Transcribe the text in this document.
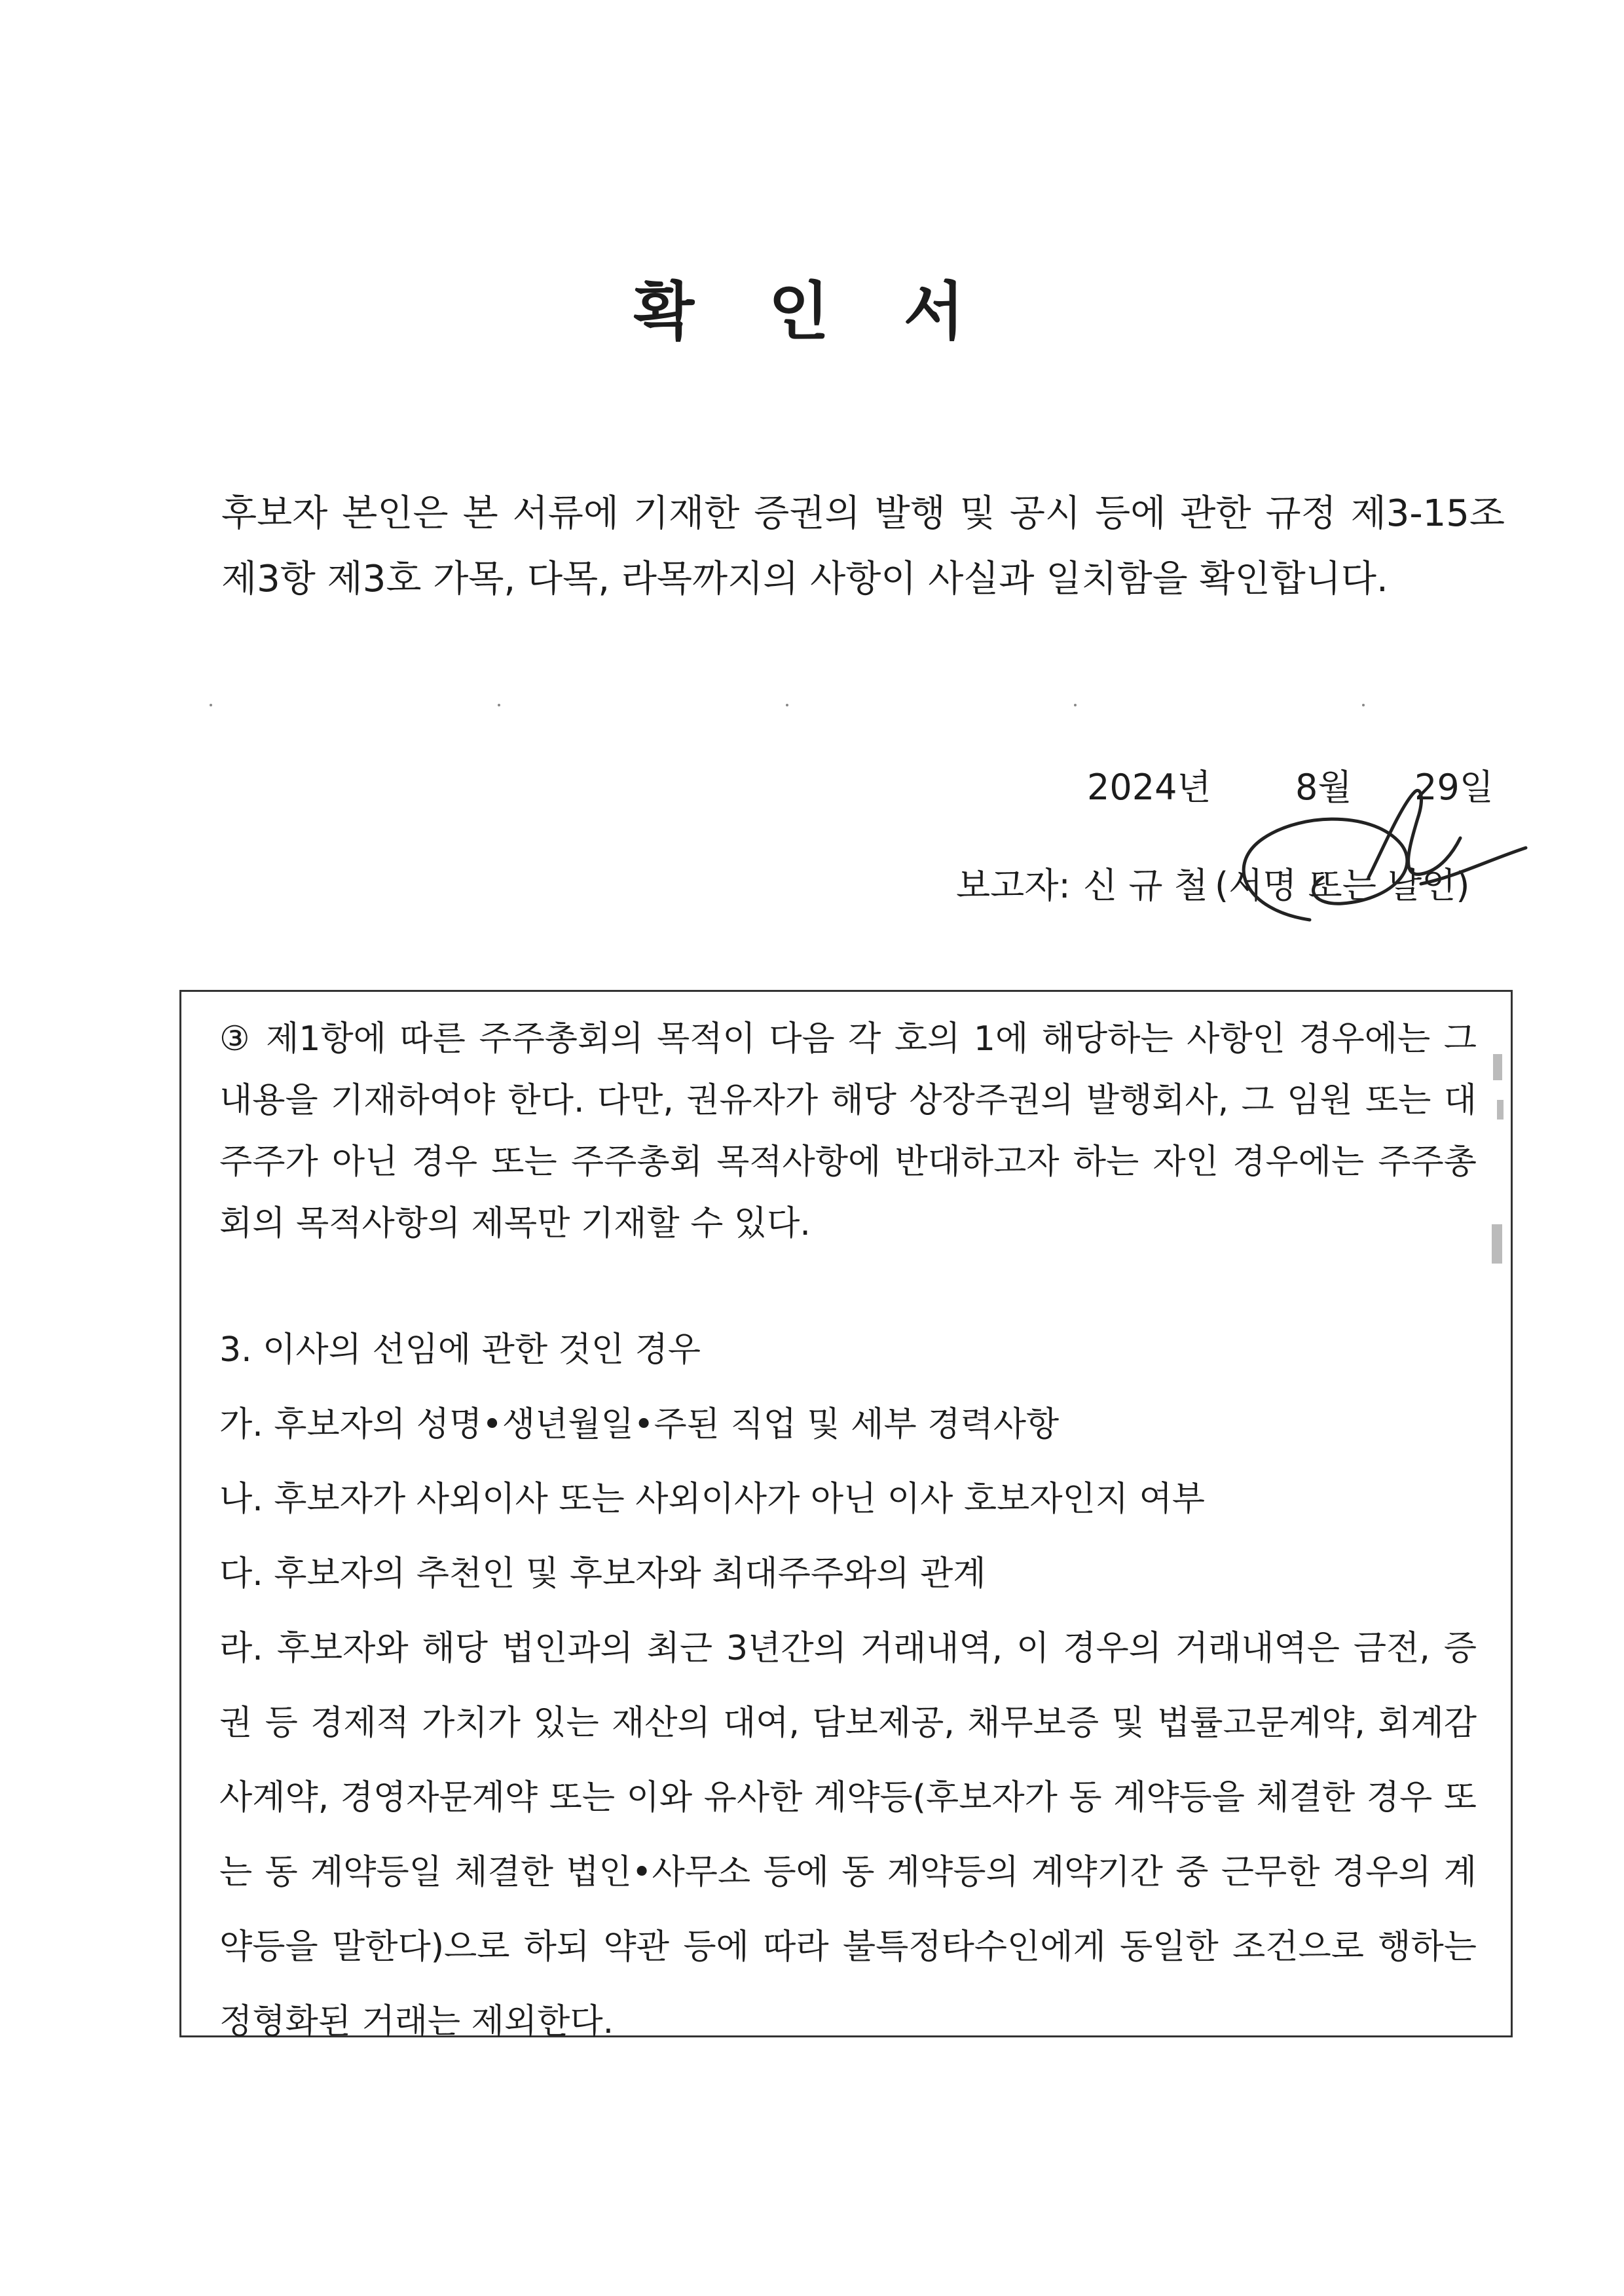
확 인 서

후보자 본인은 본 서류에 기재한 증권의 발행 및 공시 등에 관한 규정 제3-15조 제3항 제3호 가목, 다목, 라목까지의 사항이 사실과 일치함을 확인합니다.

2024년 8월 29일
보고자: 신 규 철 (서명 또는 날인)

③ 제1항에 따른 주주총회의 목적이 다음 각 호의 1에 해당하는 사항인 경우에는 그 내용을 기재하여야 한다. 다만, 권유자가 해당 상장주권의 발행회사, 그 임원 또는 대주주가 아닌 경우 또는 주주총회 목적사항에 반대하고자 하는 자인 경우에는 주주총회의 목적사항의 제목만 기재할 수 있다.

3. 이사의 선임에 관한 것인 경우

가. 후보자의 성명•생년월일•주된 직업 및 세부 경력사항

나. 후보자가 사외이사 또는 사외이사가 아닌 이사 호보자인지 여부

다. 후보자의 추천인 및 후보자와 최대주주와의 관계

라. 후보자와 해당 법인과의 최근 3년간의 거래내역, 이 경우의 거래내역은 금전, 증권 등 경제적 가치가 있는 재산의 대여, 담보제공, 채무보증 및 법률고문계약, 회계감사계약, 경영자문계약 또는 이와 유사한 계약등(후보자가 동 계약등을 체결한 경우 또는 동 계약등일 체결한 법인•사무소 등에 동 계약등의 계약기간 중 근무한 경우의 계약등을 말한다)으로 하되 약관 등에 따라 불특정타수인에게 동일한 조건으로 행하는 정형화된 거래는 제외한다.
